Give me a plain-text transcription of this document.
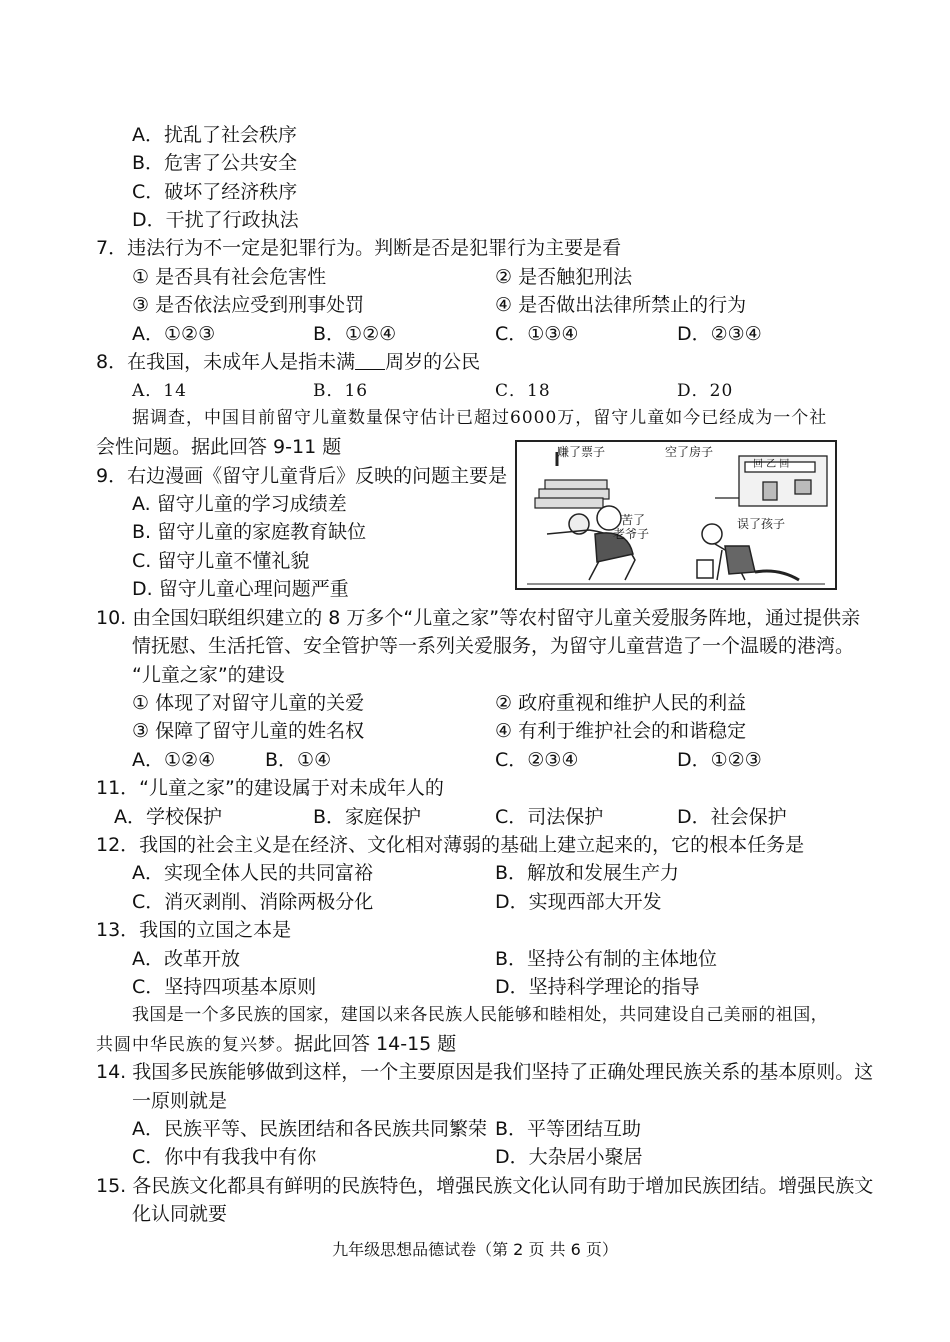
A．扰乱了社会秩序
B．危害了公共安全
C．破坏了经济秩序
D．干扰了行政执法
7．违法行为不一定是犯罪行为。判断是否是犯罪行为主要是看
① 是否具有社会危害性	② 是否触犯刑法
③ 是否依法应受到刑事处罚	④ 是否做出法律所禁止的行为
A．①②③	B．①②④	C．①③④	D．②③④
8．在我国，未成年人是指未满 周岁的公民
A．14	B．16	C．18	D．20
据调查，中国目前留守儿童数量保守估计已超过6000万，留守儿童如今已经成为一个社
会性问题。据此回答 9-11 题
9．右边漫画《留守儿童背后》反映的问题主要是
A. 留守儿童的学习成绩差
B. 留守儿童的家庭教育缺位
C. 留守儿童不懂礼貌
D. 留守儿童心理问题严重
赚了票子	空了房子
回 乙 回
苦了
老爷子
误了孩子
10. 由全国妇联组织建立的 8 万多个“儿童之家”等农村留守儿童关爱服务阵地，通过提供亲
情抚慰、生活托管、安全管护等一系列关爱服务，为留守儿童营造了一个温暖的港湾。
“儿童之家”的建设
① 体现了对留守儿童的关爱	② 政府重视和维护人民的利益
③ 保障了留守儿童的姓名权	④ 有利于维护社会的和谐稳定
A．①②④	B．①④	C．②③④	D．①②③
11．“儿童之家”的建设属于对未成年人的
A．学校保护	B．家庭保护	C．司法保护	D．社会保护
12．我国的社会主义是在经济、文化相对薄弱的基础上建立起来的，它的根本任务是
A．实现全体人民的共同富裕	B．解放和发展生产力
C．消灭剥削、消除两极分化	D．实现西部大开发
13．我国的立国之本是
A．改革开放	B．坚持公有制的主体地位
C．坚持四项基本原则	D．坚持科学理论的指导
我国是一个多民族的国家，建国以来各民族人民能够和睦相处，共同建设自己美丽的祖国，
共圆中华民族的复兴梦。据此回答 14-15 题
14. 我国多民族能够做到这样，一个主要原因是我们坚持了正确处理民族关系的基本原则。这
一原则就是
A．民族平等、民族团结和各民族共同繁荣 B．平等团结互助
C．你中有我我中有你	D．大杂居小聚居
15. 各民族文化都具有鲜明的民族特色，增强民族文化认同有助于增加民族团结。增强民族文
化认同就要
九年级思想品德试卷（第 2 页 共 6 页）
